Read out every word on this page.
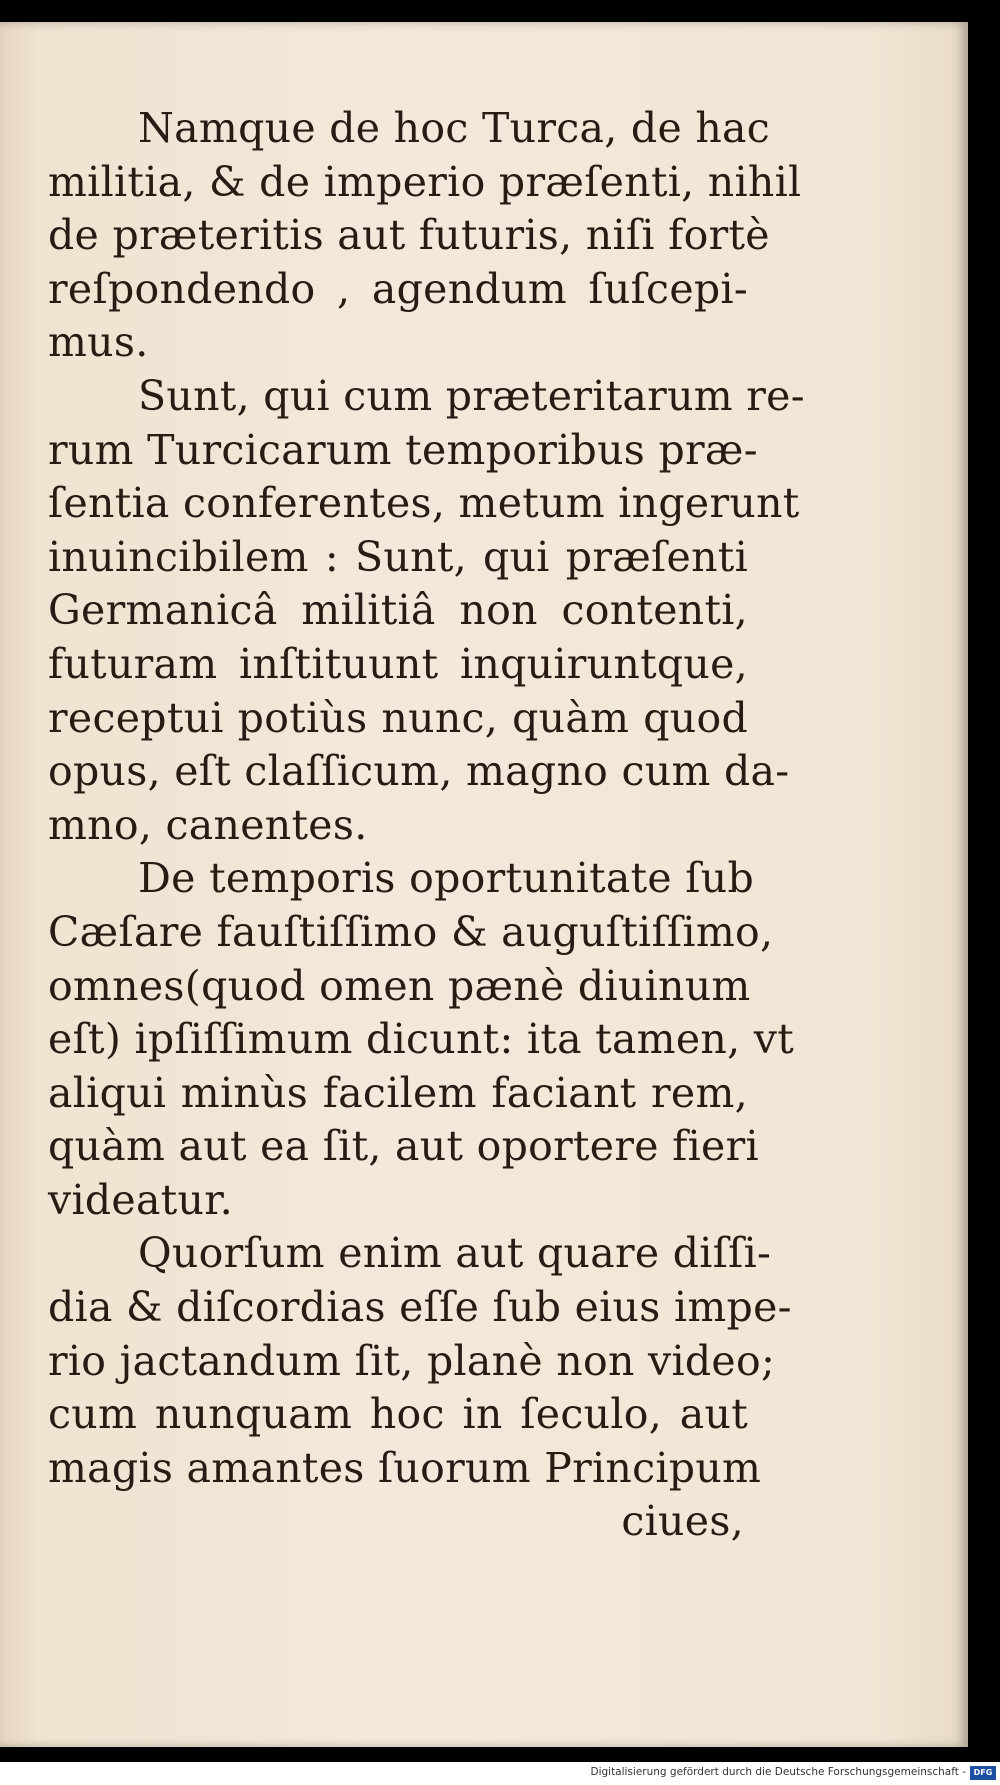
Namque de hoc Turca, de hac
militia, & de imperio præſenti, nihil
de præteritis aut futuris, niſi fortè
reſpondendo , agendum ſuſcepi-
mus.
Sunt, qui cum præteritarum re-
rum Turcicarum temporibus præ-
ſentia conferentes, metum ingerunt
inuincibilem : Sunt, qui præſenti
Germanicâ militiâ non contenti,
futuram inſtituunt inquiruntque,
receptui potiùs nunc, quàm quod
opus, eſt claſſicum, magno cum da-
mno, canentes.
De temporis oportunitate ſub
Cæſare fauſtiſſimo & auguſtiſſimo,
omnes(quod omen pænè diuinum
eſt) ipſiſſimum dicunt: ita tamen, vt
aliqui minùs facilem faciant rem,
quàm aut ea ſit, aut oportere fieri
videatur.
Quorſum enim aut quare diſſi-
dia & diſcordias eſſe ſub eius impe-
rio jactandum ſit, planè non video;
cum nunquam hoc in ſeculo, aut
magis amantes ſuorum Principum
ciues,
Digitalisierung gefördert durch die Deutsche Forschungsgemeinschaft - DFG
